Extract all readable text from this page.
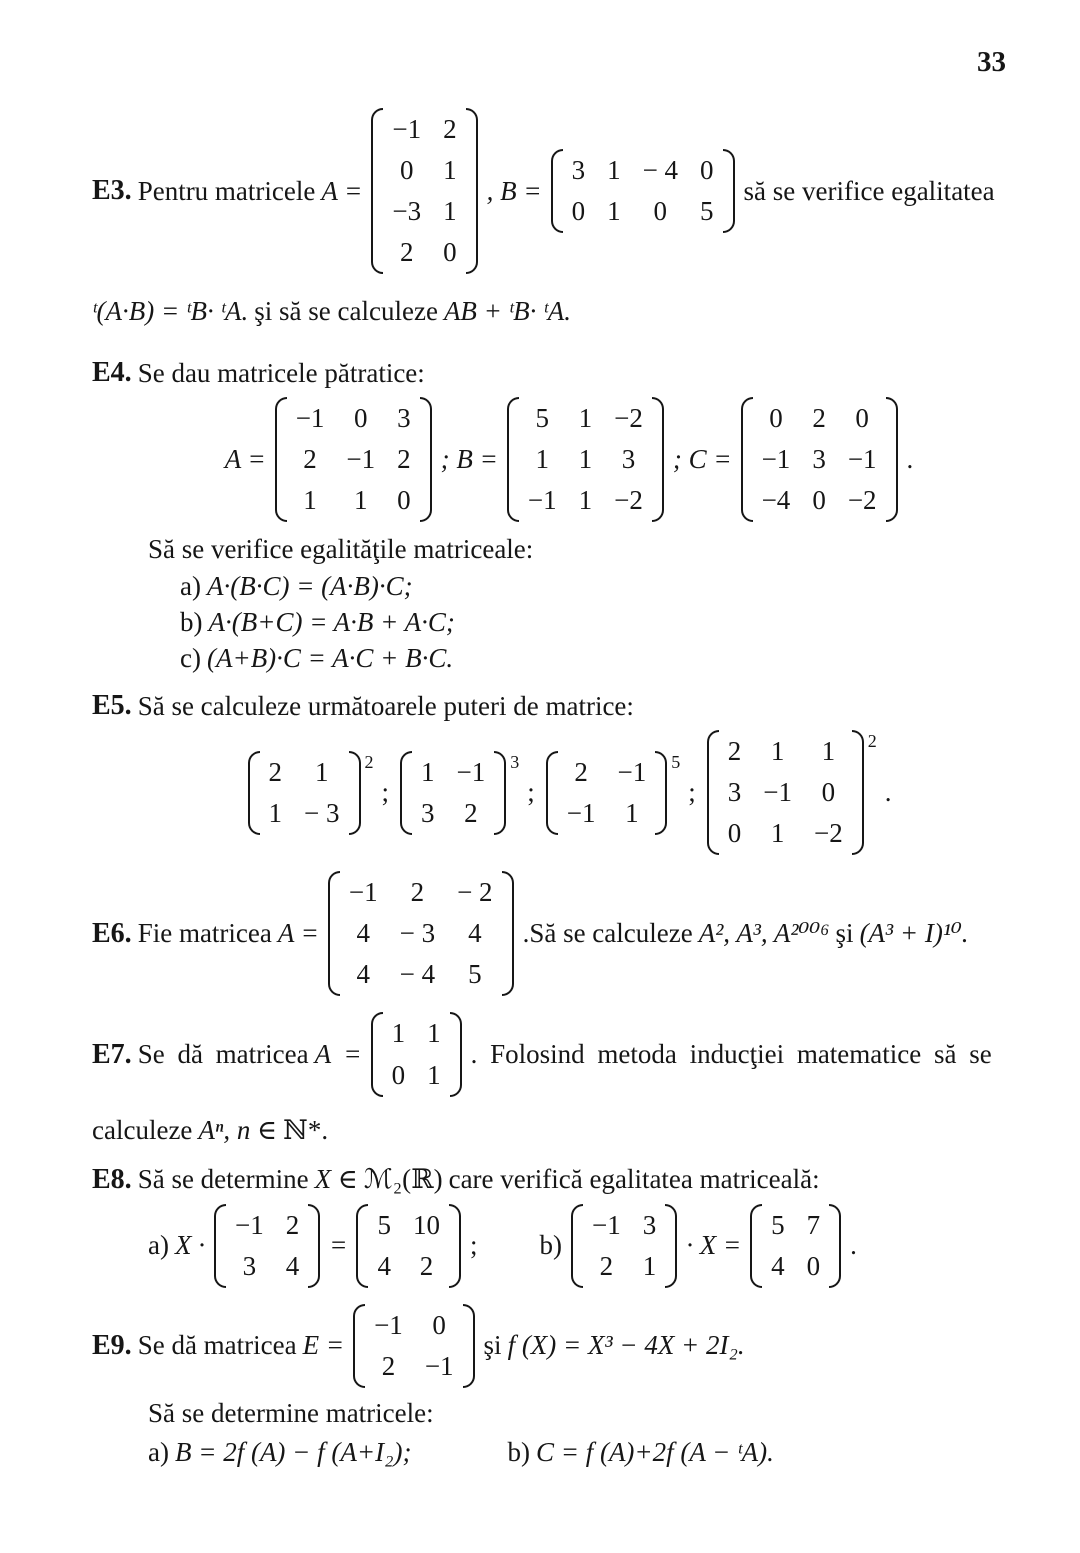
33
E3. Pentru matricele A =
−1	2
0	1
−3	1
2	0
, B =
3	1	− 4	0
0	1	0	5
să se verifice egalitatea
ᵗ(A·B) = ᵗB· ᵗA. şi să se calculeze AB + ᵗB· ᵗA.
E4. Se dau matricele pătratice:
A =
−1	0	3
2	−1	2
1	1	0
; B =
5	1	−2
1	1	3
−1	1	−2
; C =
0	2	0
−1	3	−1
−4	0	−2
.
Să se verifice egalităţile matriceale:
a) A·(B·C) = (A·B)·C;
b) A·(B+C) = A·B + A·C;
c) (A+B)·C = A·C + B·C.
E5. Să se calculeze următoarele puteri de matrice:
2	1
1	− 3
$^2$
;
1	−1
3	2
$^3$
;
2	−1
−1	1
$^5$
;
2	1	1
3	−1	0
0	1	−2
$^2$
.
E6. Fie matricea A =
−1	2	− 2
4	− 3	4
4	− 4	5
.Să se calculeze A², A³, A²⁰⁰⁶ şi (A³ + I)¹⁰.
E7. Se dă matricea A =
1	1
0	1
. Folosind metoda inducţiei matematice să se
calculeze Aⁿ, n ∈ ℕ*.
E8. Să se determine X ∈ ℳ₂(ℝ) care verifică egalitatea matriceală:
a) X ·
−1	2
3	4
=
5	10
4	2
; b)
−1	3
2	1
· X =
5	7
4	0
.
E9. Se dă matricea E =
−1	0
2	−1
şi f (X) = X³ − 4X + 2I₂.
Să se determine matricele:
a) B = 2f (A) − f (A+I₂);	b) C = f (A)+2f (A − ᵗA).
